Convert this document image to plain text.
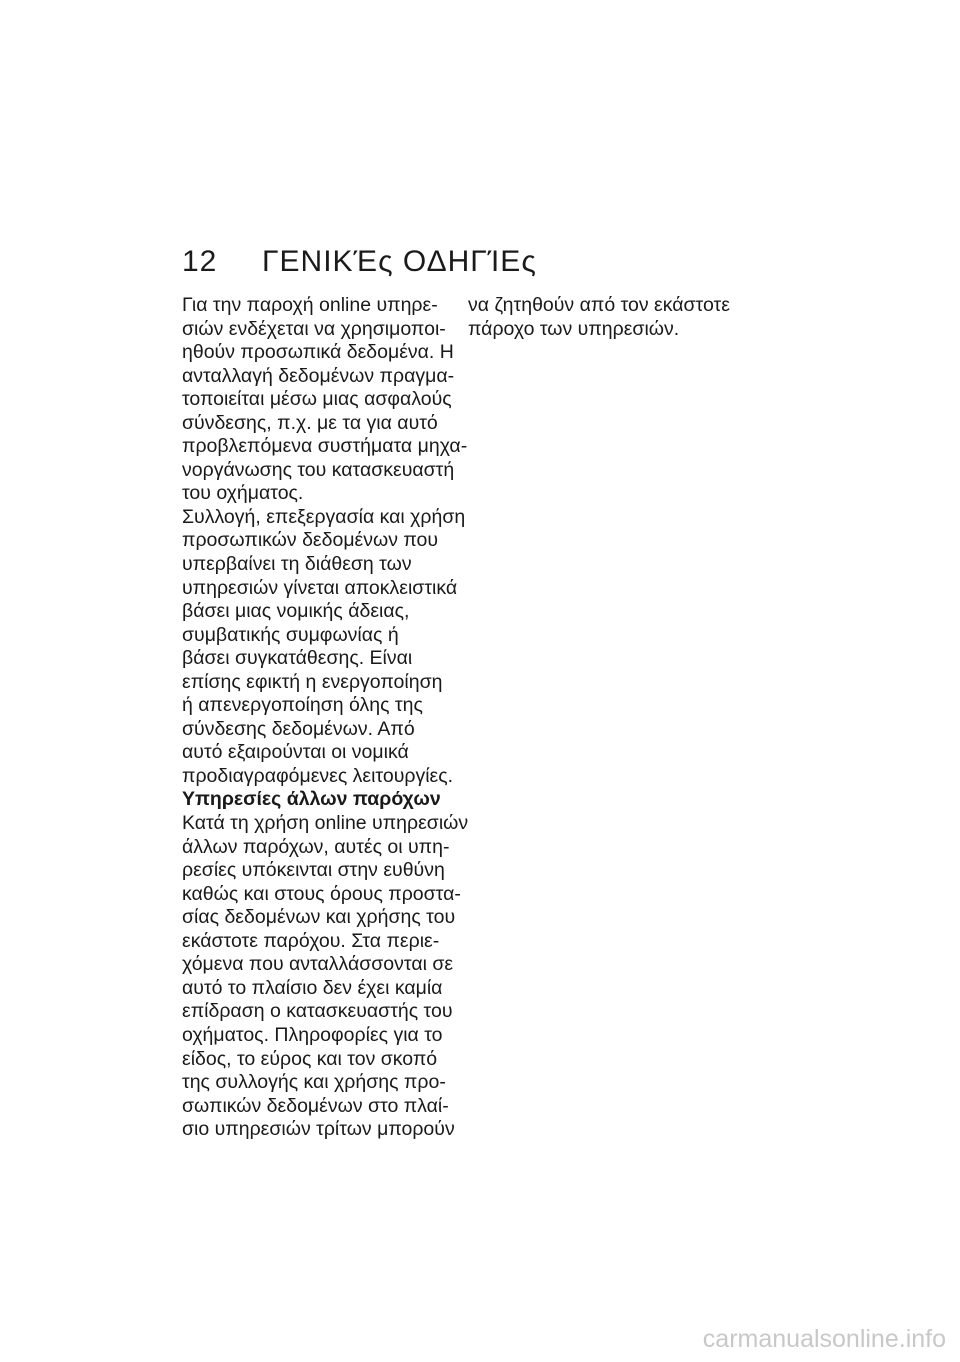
12 ΓΕΝΙΚΈς ΟΔΗΓΊΕς
Για την παροχή online υπηρε‐
σιών ενδέχεται να χρησιμοποι‐
ηθούν προσωπικά δεδομένα. Η
ανταλλαγή δεδομένων πραγμα‐
τοποιείται μέσω μιας ασφαλούς
σύνδεσης, π.χ. με τα για αυτό
προβλεπόμενα συστήματα μηχα‐
νοργάνωσης του κατασκευαστή
του οχήματος.
Συλλογή, επεξεργασία και χρήση
προσωπικών δεδομένων που
υπερβαίνει τη διάθεση των
υπηρεσιών γίνεται αποκλειστικά
βάσει μιας νομικής άδειας,
συμβατικής συμφωνίας ή
βάσει συγκατάθεσης. Είναι
επίσης εφικτή η ενεργοποίηση
ή απενεργοποίηση όλης της
σύνδεσης δεδομένων. Από
αυτό εξαιρούνται οι νομικά
προδιαγραφόμενες λειτουργίες.
Υπηρεσίες άλλων παρόχων
Κατά τη χρήση online υπηρεσιών
άλλων παρόχων, αυτές οι υπη‐
ρεσίες υπόκεινται στην ευθύνη
καθώς και στους όρους προστα‐
σίας δεδομένων και χρήσης του
εκάστοτε παρόχου. Στα περιε‐
χόμενα που ανταλλάσσονται σε
αυτό το πλαίσιο δεν έχει καμία
επίδραση ο κατασκευαστής του
οχήματος. Πληροφορίες για το
είδος, το εύρος και τον σκοπό
της συλλογής και χρήσης προ‐
σωπικών δεδομένων στο πλαί‐
σιο υπηρεσιών τρίτων μπορούν
να ζητηθούν από τον εκάστοτε
πάροχο των υπηρεσιών.
carmanualsonline.info
